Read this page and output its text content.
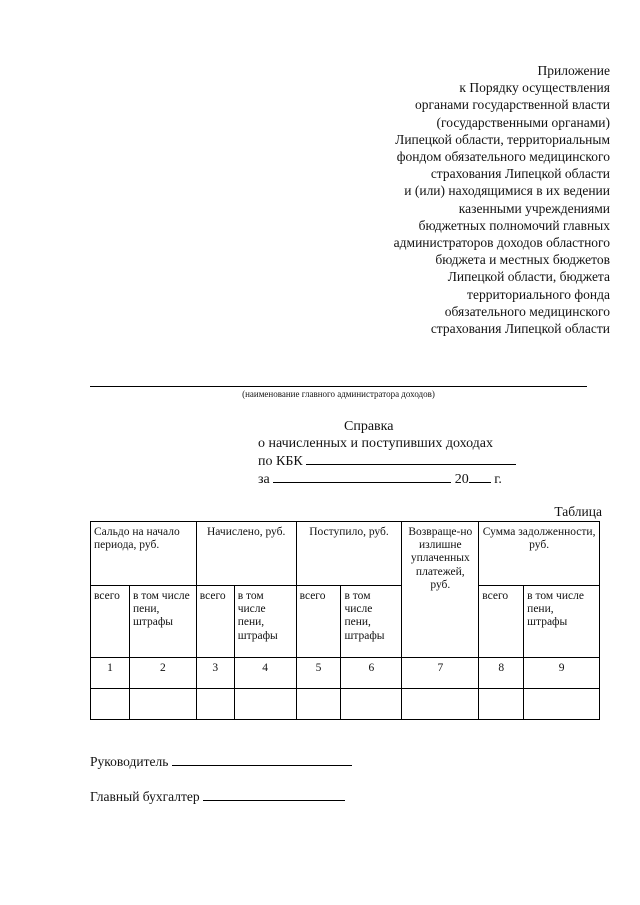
Приложение
к Порядку осуществления
органами государственной власти
(государственными органами)
Липецкой области, территориальным
фондом обязательного медицинского
страхования Липецкой области
и (или) находящимися в их ведении
казенными учреждениями
бюджетных полномочий главных
администраторов доходов областного
бюджета и местных бюджетов
Липецкой области, бюджета
территориального фонда
обязательного медицинского
страхования Липецкой области
(наименование главного администратора доходов)
Справка
о начисленных и поступивших доходах
по КБК
за	20 г.
Таблица
Сальдо на начало периода, руб.		Начислено, руб.		Поступило, руб.		Возвраще-но излишне уплаченных платежей, руб.	Сумма задолженности, руб.	
всего	в том числе пени, штрафы	всего	в том числе пени, штрафы	всего	в том числе пени, штрафы		всего	в том числе пени, штрафы
1	2	3	4	5	6	7	8	9

Руководитель
Главный бухгалтер
